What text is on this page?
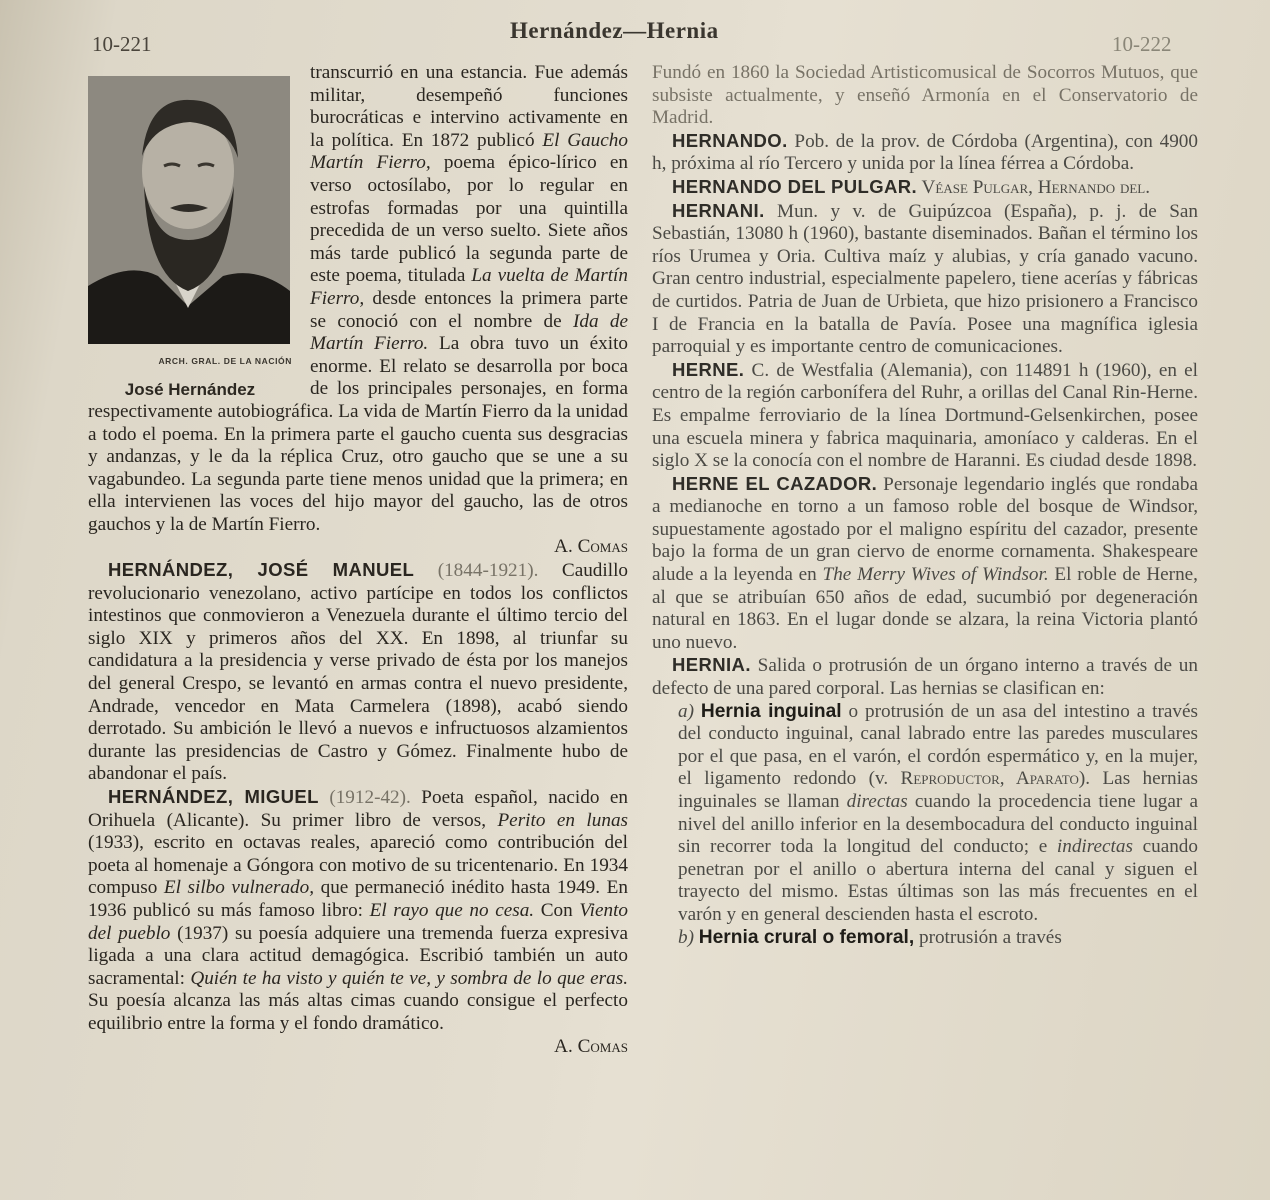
10-221
Hernández—Hernia
10-222
ARCH. GRAL. DE LA NACIÓN
José Hernández

transcurrió en una estancia. Fue además militar, desempeñó funciones burocráticas e intervino activamente en la política. En 1872 publicó El Gaucho Martín Fierro, poema épico-lírico en verso octosílabo, por lo regular en estrofas formadas por una quintilla precedida de un verso suelto. Siete años más tarde publicó la segunda parte de este poema, titulada La vuelta de Martín Fierro, desde entonces la primera parte se conoció con el nombre de Ida de Martín Fierro. La obra tuvo un éxito enorme. El relato se desarrolla por boca de los principales personajes, en forma respectivamente autobiográfica. La vida de Martín Fierro da la unidad a todo el poema. En la primera parte el gaucho cuenta sus desgracias y andanzas, y le da la réplica Cruz, otro gaucho que se une a su vagabundeo. La segunda parte tiene menos unidad que la primera; en ella intervienen las voces del hijo mayor del gaucho, las de otros gauchos y la de Martín Fierro.

A. Comas

HERNÁNDEZ, JOSÉ MANUEL (1844-1921). Caudillo revolucionario venezolano, activo partícipe en todos los conflictos intestinos que conmovieron a Venezuela durante el último tercio del siglo XIX y primeros años del XX. En 1898, al triunfar su candidatura a la presidencia y verse privado de ésta por los manejos del general Crespo, se levantó en armas contra el nuevo presidente, Andrade, vencedor en Mata Carmelera (1898), acabó siendo derrotado. Su ambición le llevó a nuevos e infructuosos alzamientos durante las presidencias de Castro y Gómez. Finalmente hubo de abandonar el país.

HERNÁNDEZ, MIGUEL (1912-42). Poeta español, nacido en Orihuela (Alicante). Su primer libro de versos, Perito en lunas (1933), escrito en octavas reales, apareció como contribución del poeta al homenaje a Góngora con motivo de su tricentenario. En 1934 compuso El silbo vulnerado, que permaneció inédito hasta 1949. En 1936 publicó su más famoso libro: El rayo que no cesa. Con Viento del pueblo (1937) su poesía adquiere una tremenda fuerza expresiva ligada a una clara actitud demagógica. Escribió también un auto sacramental: Quién te ha visto y quién te ve, y sombra de lo que eras. Su poesía alcanza las más altas cimas cuando consigue el perfecto equilibrio entre la forma y el fondo dramático.

A. Comas

Fundó en 1860 la Sociedad Artisticomusical de Socorros Mutuos, que subsiste actualmente, y enseñó Armonía en el Conservatorio de Madrid.

HERNANDO. Pob. de la prov. de Córdoba (Argentina), con 4900 h, próxima al río Tercero y unida por la línea férrea a Córdoba.

HERNANDO DEL PULGAR. Véase Pulgar, Hernando del.

HERNANI. Mun. y v. de Guipúzcoa (España), p. j. de San Sebastián, 13080 h (1960), bastante diseminados. Bañan el término los ríos Urumea y Oria. Cultiva maíz y alubias, y cría ganado vacuno. Gran centro industrial, especialmente papelero, tiene acerías y fábricas de curtidos. Patria de Juan de Urbieta, que hizo prisionero a Francisco I de Francia en la batalla de Pavía. Posee una magnífica iglesia parroquial y es importante centro de comunicaciones.

HERNE. C. de Westfalia (Alemania), con 114891 h (1960), en el centro de la región carbonífera del Ruhr, a orillas del Canal Rin-Herne. Es empalme ferroviario de la línea Dortmund-Gelsenkirchen, posee una escuela minera y fabrica maquinaria, amoníaco y calderas. En el siglo X se la conocía con el nombre de Haranni. Es ciudad desde 1898.

HERNE EL CAZADOR. Personaje legendario inglés que rondaba a medianoche en torno a un famoso roble del bosque de Windsor, supuestamente agostado por el maligno espíritu del cazador, presente bajo la forma de un gran ciervo de enorme cornamenta. Shakespeare alude a la leyenda en The Merry Wives of Windsor. El roble de Herne, al que se atribuían 650 años de edad, sucumbió por degeneración natural en 1863. En el lugar donde se alzara, la reina Victoria plantó uno nuevo.

HERNIA. Salida o protrusión de un órgano interno a través de un defecto de una pared corporal. Las hernias se clasifican en:

a) Hernia inguinal o protrusión de un asa del intestino a través del conducto inguinal, canal labrado entre las paredes musculares por el que pasa, en el varón, el cordón espermático y, en la mujer, el ligamento redondo (v. Reproductor, Aparato). Las hernias inguinales se llaman directas cuando la procedencia tiene lugar a nivel del anillo inferior en la desembocadura del conducto inguinal sin recorrer toda la longitud del conducto; e indirectas cuando penetran por el anillo o abertura interna del canal y siguen el trayecto del mismo. Estas últimas son las más frecuentes en el varón y en general descienden hasta el escroto.

b) Hernia crural o femoral, protrusión a través
